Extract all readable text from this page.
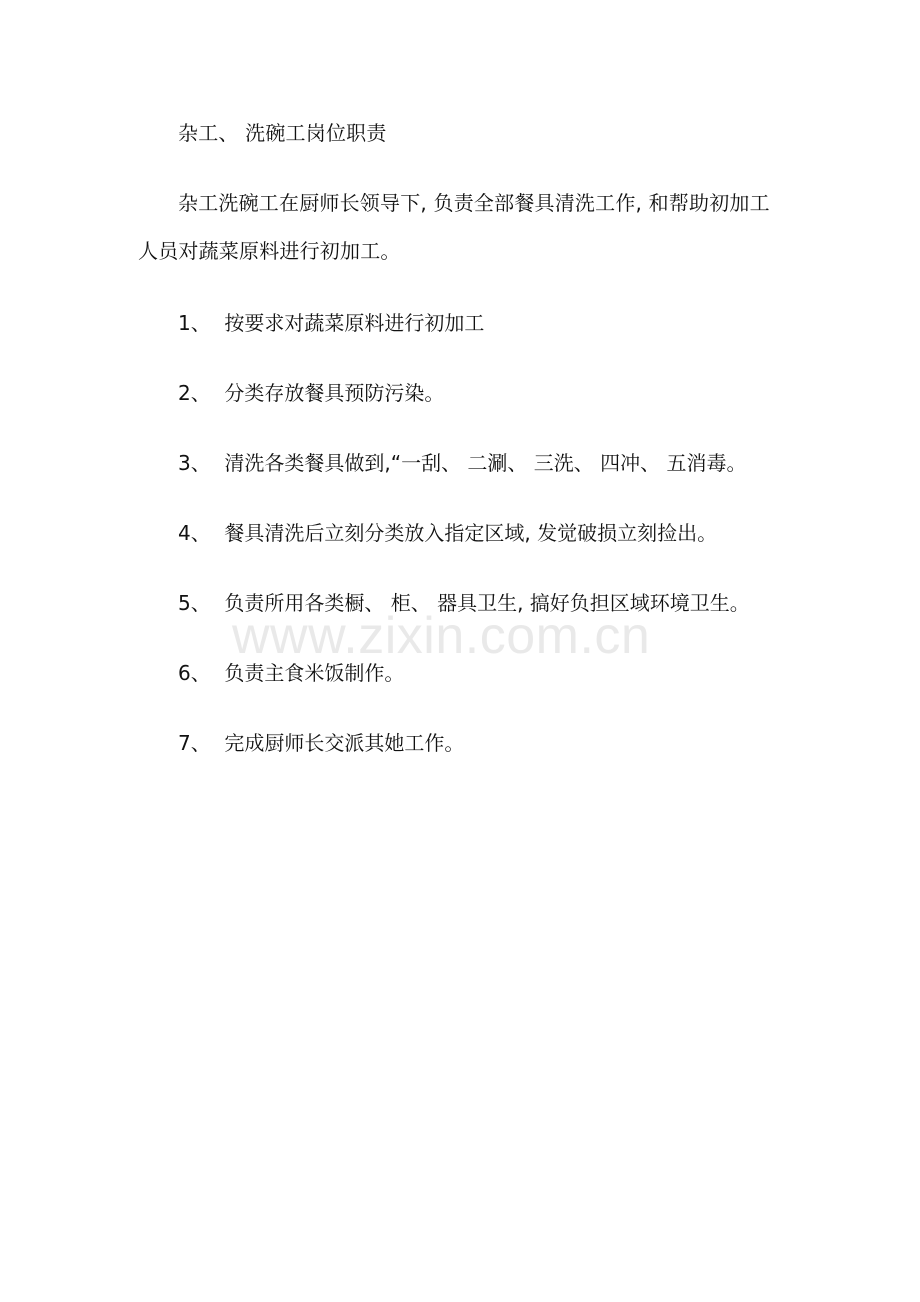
杂工、 洗碗工岗位职责
杂工洗碗工在厨师长领导下, 负责全部餐具清洗工作, 和帮助初加工
人员对蔬菜原料进行初加工。
1、 按要求对蔬菜原料进行初加工
2、 分类存放餐具预防污染。
3、 清洗各类餐具做到,“一刮、 二涮、 三洗、 四冲、 五消毒。
4、 餐具清洗后立刻分类放入指定区域, 发觉破损立刻捡出。
5、 负责所用各类橱、 柜、 器具卫生, 搞好负担区域环境卫生。
6、 负责主食米饭制作。
7、 完成厨师长交派其她工作。
www.zixin.com.cn
